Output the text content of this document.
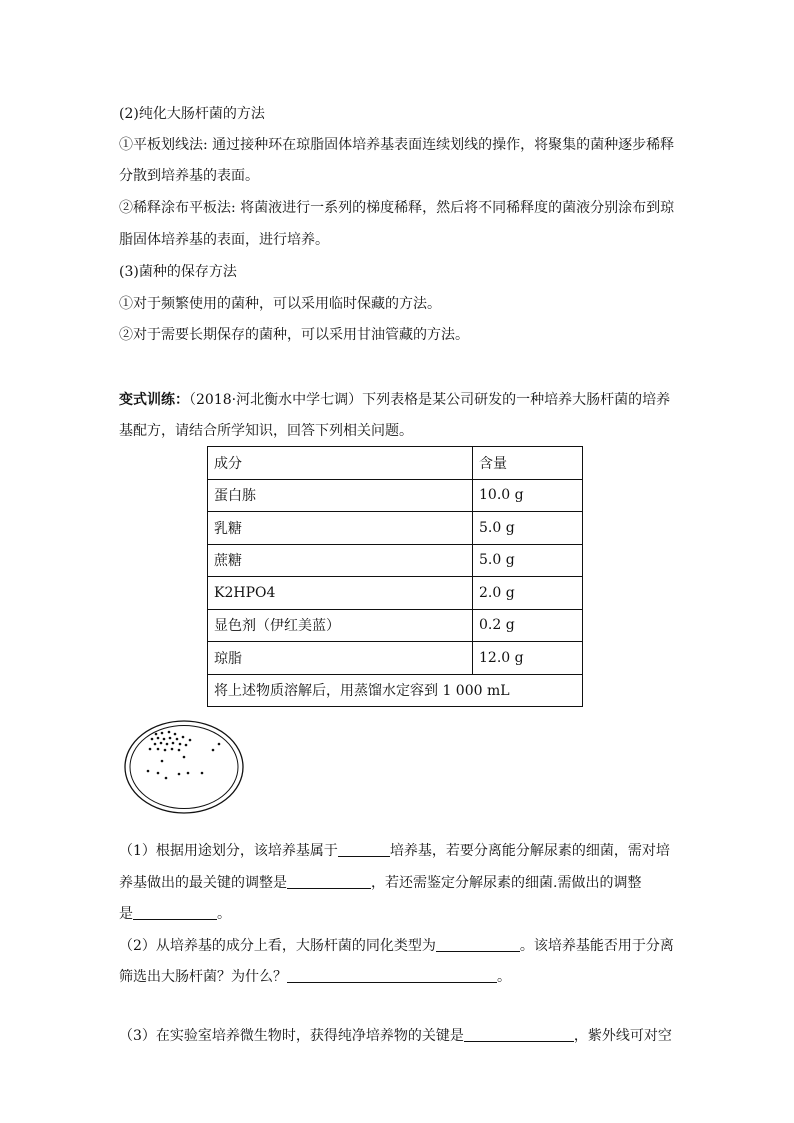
(2)纯化大肠杆菌的方法
①平板划线法: 通过接种环在琼脂固体培养基表面连续划线的操作，将聚集的菌种逐步稀释
分散到培养基的表面。
②稀释涂布平板法: 将菌液进行一系列的梯度稀释，然后将不同稀释度的菌液分别涂布到琼
脂固体培养基的表面，进行培养。
(3)菌种的保存方法
①对于频繁使用的菌种，可以采用临时保藏的方法。
②对于需要长期保存的菌种，可以采用甘油管藏的方法。
变式训练：（2018·河北衡水中学七调）下列表格是某公司研发的一种培养大肠杆菌的培养
基配方，请结合所学知识，回答下列相关问题。
成分	含量
蛋白胨	10.0 g
乳糖	5.0 g
蔗糖	5.0 g
K2HPO4	2.0 g
显色剂（伊红美蓝）	0.2 g
琼脂	12.0 g
将上述物质溶解后，用蒸馏水定容到 1 000 mL	
（1）根据用途划分，该培养基属于	培养基，若要分离能分解尿素的细菌，需对培
养基做出的最关键的调整是	，若还需鉴定分解尿素的细菌.需做出的调整
是	。
（2）从培养基的成分上看，大肠杆菌的同化类型为	。该培养基能否用于分离
筛选出大肠杆菌？为什么？	。
（3）在实验室培养微生物时，获得纯净培养物的关键是	，紫外线可对空
